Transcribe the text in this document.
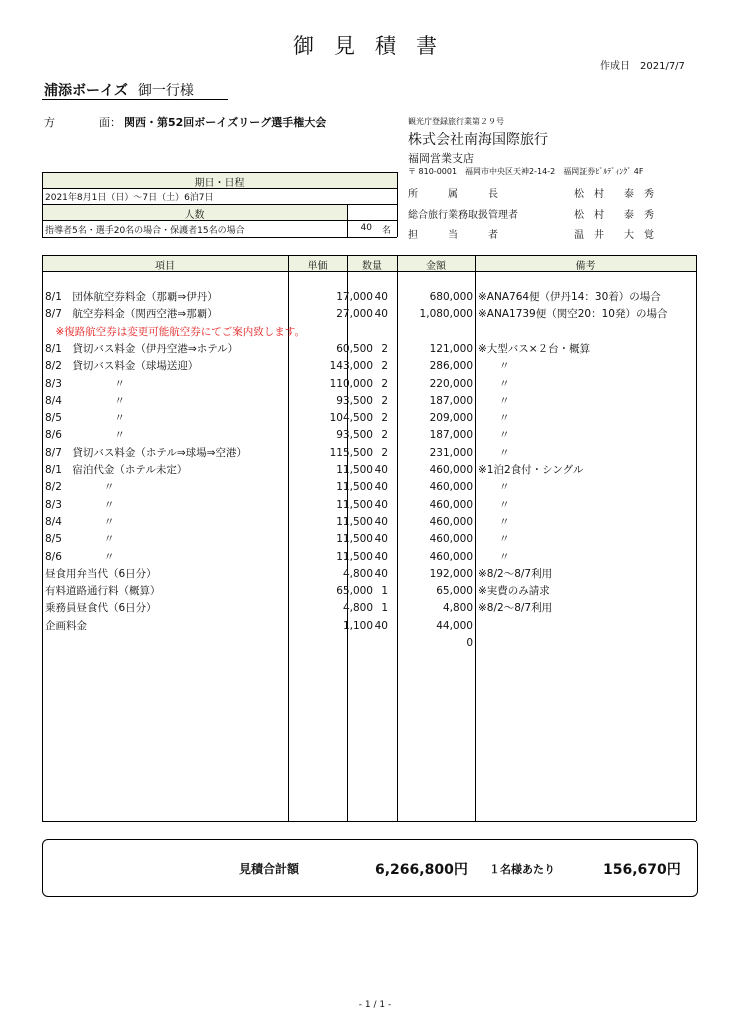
御見積書
作成日　2021/7/7
浦添ボーイズ 御一行様
方　　　　面： 関西・第52回ボーイズリーグ選手権大会	観光庁登録旅行業第２９号
株式会社南海国際旅行
福岡営業支店
〒 810-0001　福岡市中央区天神2-14-2　福岡証券ﾋﾞﾙﾃﾞｨﾝｸﾞ 4F
所　　　属　　　長	松　村　　泰　秀
総合旅行業務取扱管理者	松　村　　泰　秀
担　　　当　　　者	温　井　　大　覚
期日・日程
2021年8月1日（日）～7日（土）6泊7日
人数
指導者5名・選手20名の場合・保護者15名の場合	40 名
項目	単価	数量	金額	備考
8/1　団体航空券料金（那覇⇒伊丹）	17,000 40	680,000 ※ANA764便（伊丹14：30着）の場合
8/7　航空券料金（関西空港⇒那覇）	27,000 40	1,080,000 ※ANA1739便（関空20：10発）の場合
　※復路航空券は変更可能航空券にてご案内致します。
8/1　貸切バス料金（伊丹空港⇒ホテル）	60,500 2	121,000 ※大型バス×２台・概算
8/2　貸切バス料金（球場送迎）	143,000 2	286,000 　　〃
8/3　　　　　〃	110,000 2	220,000 　　〃
8/4　　　　　〃	93,500 2	187,000 　　〃
8/5　　　　　〃	104,500 2	209,000 　　〃
8/6　　　　　〃	93,500 2	187,000 　　〃
8/7　貸切バス料金（ホテル⇒球場⇒空港）	115,500 2	231,000 　　〃
8/1　宿泊代金（ホテル未定）	11,500 40	460,000 ※1泊2食付・シングル
8/2　　　　〃	11,500 40	460,000 　　〃
8/3　　　　〃	11,500 40	460,000 　　〃
8/4　　　　〃	11,500 40	460,000 　　〃
8/5　　　　〃	11,500 40	460,000 　　〃
8/6　　　　〃	11,500 40	460,000 　　〃
昼食用弁当代（6日分）	4,800 40	192,000 ※8/2～8/7利用
有料道路通行料（概算）	65,000 1	65,000 ※実費のみ請求
乗務員昼食代（6日分）	4,800 1	4,800 ※8/2～8/7利用
企画料金	1,100 40	44,000
0
見積合計額	6,266,800円 １名様あたり	156,670円
- 1 / 1 -
